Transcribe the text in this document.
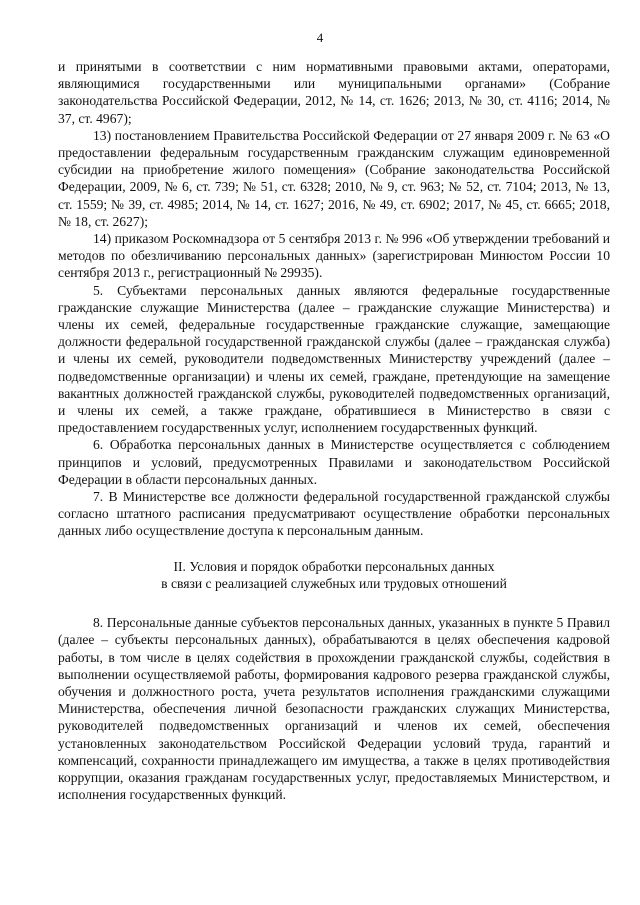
4

и принятыми в соответствии с ним нормативными правовыми актами, операторами, являющимися государственными или муниципальными органами» (Собрание законодательства Российской Федерации, 2012, № 14, ст. 1626; 2013, № 30, ст. 4116; 2014, № 37, ст. 4967);

13) постановлением Правительства Российской Федерации от 27 января 2009 г. № 63 «О предоставлении федеральным государственным гражданским служащим единовременной субсидии на приобретение жилого помещения» (Собрание законодательства Российской Федерации, 2009, № 6, ст. 739; № 51, ст. 6328; 2010, № 9, ст. 963; № 52, ст. 7104; 2013, № 13, ст. 1559; № 39, ст. 4985; 2014, № 14, ст. 1627; 2016, № 49, ст. 6902; 2017, № 45, ст. 6665; 2018, № 18, ст. 2627);

14) приказом Роскомнадзора от 5 сентября 2013 г. № 996 «Об утверждении требований и методов по обезличиванию персональных данных» (зарегистрирован Минюстом России 10 сентября 2013 г., регистрационный № 29935).

5. Субъектами персональных данных являются федеральные государственные гражданские служащие Министерства (далее – гражданские служащие Министерства) и члены их семей, федеральные государственные гражданские служащие, замещающие должности федеральной государственной гражданской службы (далее – гражданская служба) и члены их семей, руководители подведомственных Министерству учреждений (далее – подведомственные организации) и члены их семей, граждане, претендующие на замещение вакантных должностей гражданской службы, руководителей подведомственных организаций, и члены их семей, а также граждане, обратившиеся в Министерство в связи с предоставлением государственных услуг, исполнением государственных функций.

6. Обработка персональных данных в Министерстве осуществляется с соблюдением принципов и условий, предусмотренных Правилами и законодательством Российской Федерации в области персональных данных.

7. В Министерстве все должности федеральной государственной гражданской службы согласно штатного расписания предусматривают осуществление обработки персональных данных либо осуществление доступа к персональным данным.

II. Условия и порядок обработки персональных данных
в связи с реализацией служебных или трудовых отношений

8. Персональные данные субъектов персональных данных, указанных в пункте 5 Правил (далее – субъекты персональных данных), обрабатываются в целях обеспечения кадровой работы, в том числе в целях содействия в прохождении гражданской службы, содействия в выполнении осуществляемой работы, формирования кадрового резерва гражданской службы, обучения и должностного роста, учета результатов исполнения гражданскими служащими Министерства, обеспечения личной безопасности гражданских служащих Министерства, руководителей подведомственных организаций и членов их семей, обеспечения установленных законодательством Российской Федерации условий труда, гарантий и компенсаций, сохранности принадлежащего им имущества, а также в целях противодействия коррупции, оказания гражданам государственных услуг, предоставляемых Министерством, и исполнения государственных функций.
